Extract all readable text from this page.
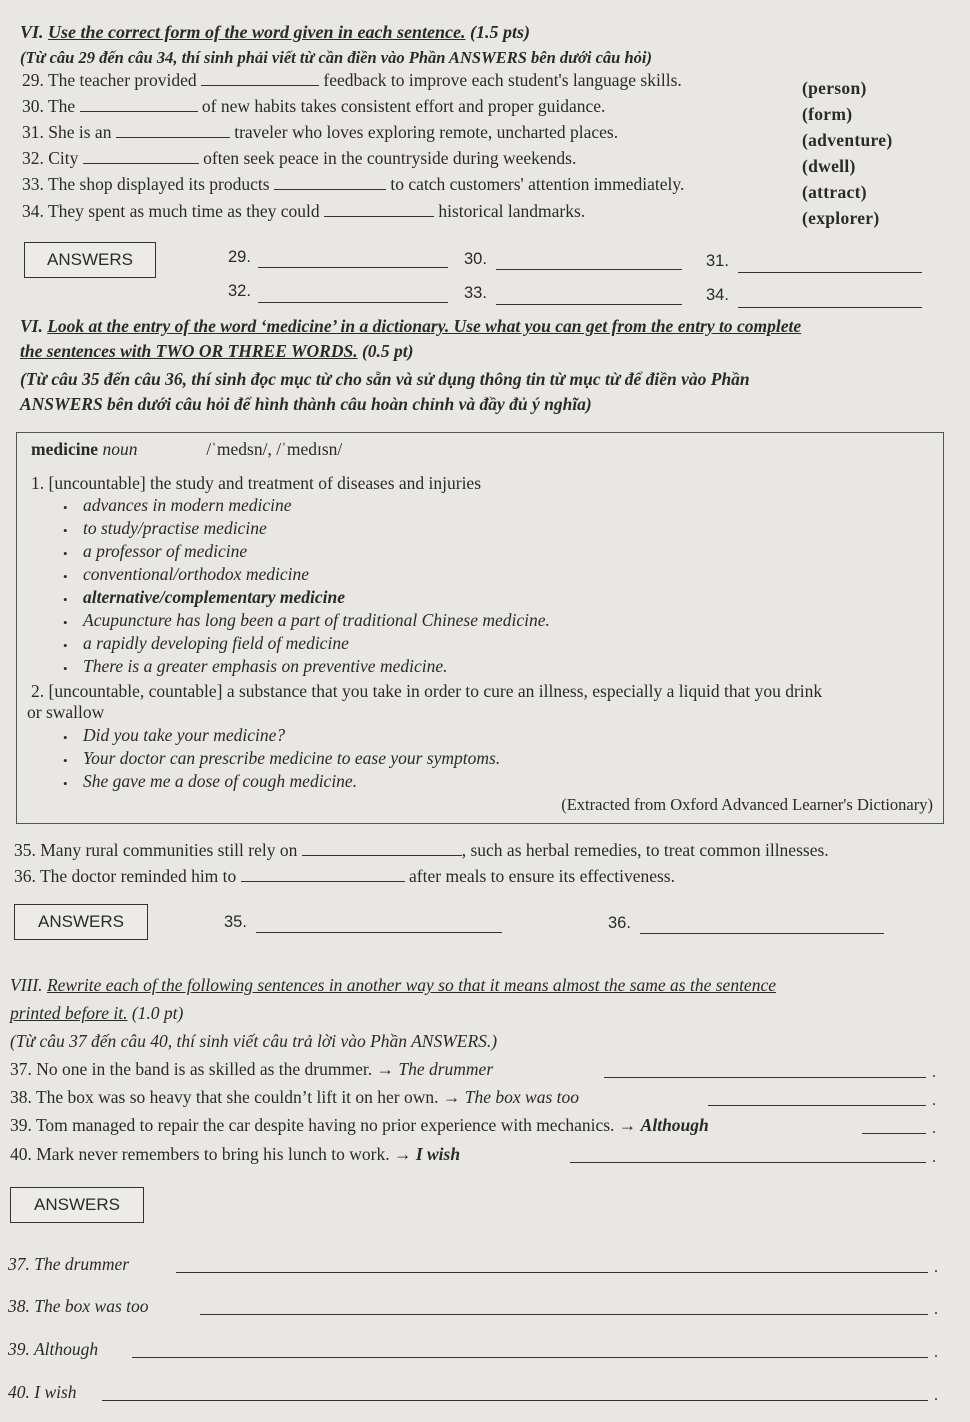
VI. Use the correct form of the word given in each sentence. (1.5 pts)
(Từ câu 29 đến câu 34, thí sinh phải viết từ cần điền vào Phần ANSWERS bên dưới câu hỏi)
29. The teacher provided	feedback to improve each student's language skills.	(person)
30. The	of new habits takes consistent effort and proper guidance.	(form)
31. She is an	traveler who loves exploring remote, uncharted places.	(adventure)
32. City	often seek peace in the countryside during weekends.	(dwell)
33. The shop displayed its products	to catch customers' attention immediately.	(attract)
34. They spent as much time as they could	historical landmarks.	(explorer)
ANSWERS	29.	30.	31.
32.	33.	34.
VI. Look at the entry of the word ‘medicine’ in a dictionary. Use what you can get from the entry to complete
the sentences with TWO OR THREE WORDS. (0.5 pt)
(Từ câu 35 đến câu 36, thí sinh đọc mục từ cho sẵn và sử dụng thông tin từ mục từ để điền vào Phần
ANSWERS bên dưới câu hỏi để hình thành câu hoàn chỉnh và đầy đủ ý nghĩa)
medicine noun	/ˈmedsn/, /ˈmedɪsn/
1. [uncountable] the study and treatment of diseases and injuries
• advances in modern medicine
• to study/practise medicine
• a professor of medicine
• conventional/orthodox medicine
• alternative/complementary medicine
• Acupuncture has long been a part of traditional Chinese medicine.
• a rapidly developing field of medicine
• There is a greater emphasis on preventive medicine.
2. [uncountable, countable] a substance that you take in order to cure an illness, especially a liquid that you drink
or swallow
• Did you take your medicine?
• Your doctor can prescribe medicine to ease your symptoms.
• She gave me a dose of cough medicine.
(Extracted from Oxford Advanced Learner's Dictionary)
35. Many rural communities still rely on	, such as herbal remedies, to treat common illnesses.
36. The doctor reminded him to	after meals to ensure its effectiveness.
ANSWERS	35.	36.
VIII. Rewrite each of the following sentences in another way so that it means almost the same as the sentence
printed before it. (1.0 pt)
(Từ câu 37 đến câu 40, thí sinh viết câu trả lời vào Phần ANSWERS.)
37. No one in the band is as skilled as the drummer. → The drummer	.
38. The box was so heavy that she couldn’t lift it on her own. → The box was too	.
39. Tom managed to repair the car despite having no prior experience with mechanics. → Although	.
40. Mark never remembers to bring his lunch to work. → I wish	.
ANSWERS
37. The drummer	.
38. The box was too	.
39. Although	.
40. I wish	.
